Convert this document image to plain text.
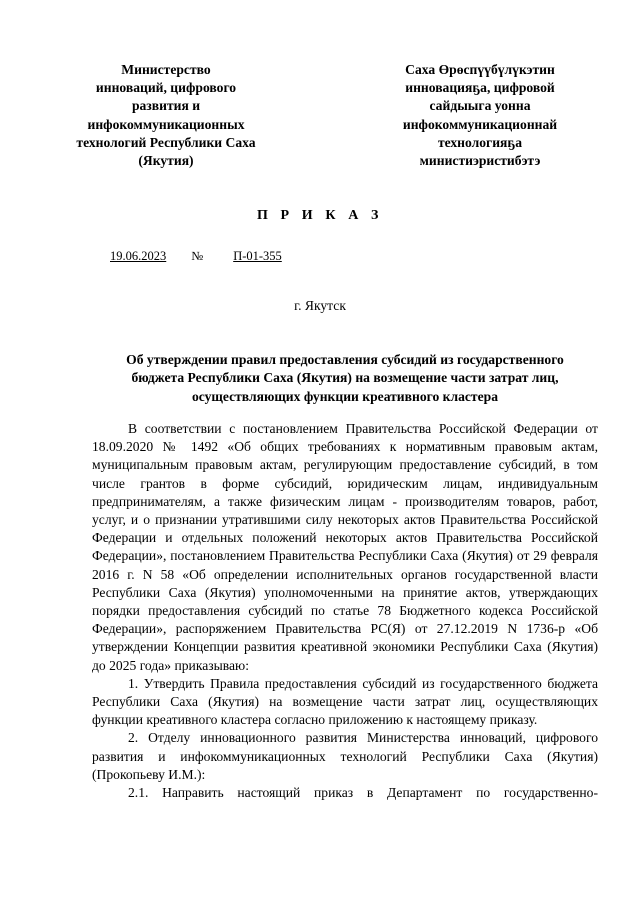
Министерство
инноваций, цифрового
развития и
инфокоммуникационных
технологий Республики Саха
(Якутия)
Саха Өрөспүүбүлүкэтин
инновацияҕа, цифровой
сайдыыга уонна
инфокоммуникационнай
технологияҕа
министиэристибэтэ
П Р И К А З
19.06.2023 № П-01-355
г. Якутск
Об утверждении правил предоставления субсидий из государственного
бюджета Республики Саха (Якутия) на возмещение части затрат лиц,
осуществляющих функции креативного кластера

В соответствии с постановлением Правительства Российской Федерации от 18.09.2020 № 1492 «Об общих требованиях к нормативным правовым актам, муниципальным правовым актам, регулирующим предоставление субсидий, в том числе грантов в форме субсидий, юридическим лицам, индивидуальным предпринимателям, а также физическим лицам - производителям товаров, работ, услуг, и о признании утратившими силу некоторых актов Правительства Российской Федерации и отдельных положений некоторых актов Правительства Российской Федерации», постановлением Правительства Республики Саха (Якутия) от 29 февраля 2016 г. N 58 «Об определении исполнительных органов государственной власти Республики Саха (Якутия) уполномоченными на принятие актов, утверждающих порядки предоставления субсидий по статье 78 Бюджетного кодекса Российской Федерации», распоряжением Правительства РС(Я) от 27.12.2019 N 1736-р «Об утверждении Концепции развития креативной экономики Республики Саха (Якутия) до 2025 года» приказываю:

1. Утвердить Правила предоставления субсидий из государственного бюджета Республики Саха (Якутия) на возмещение части затрат лиц, осуществляющих функции креативного кластера согласно приложению к настоящему приказу.

2. Отделу инновационного развития Министерства инноваций, цифрового развития и инфокоммуникационных технологий Республики Саха (Якутия) (Прокопьеву И.М.):

2.1. Направить настоящий приказ в Департамент по государственно-
